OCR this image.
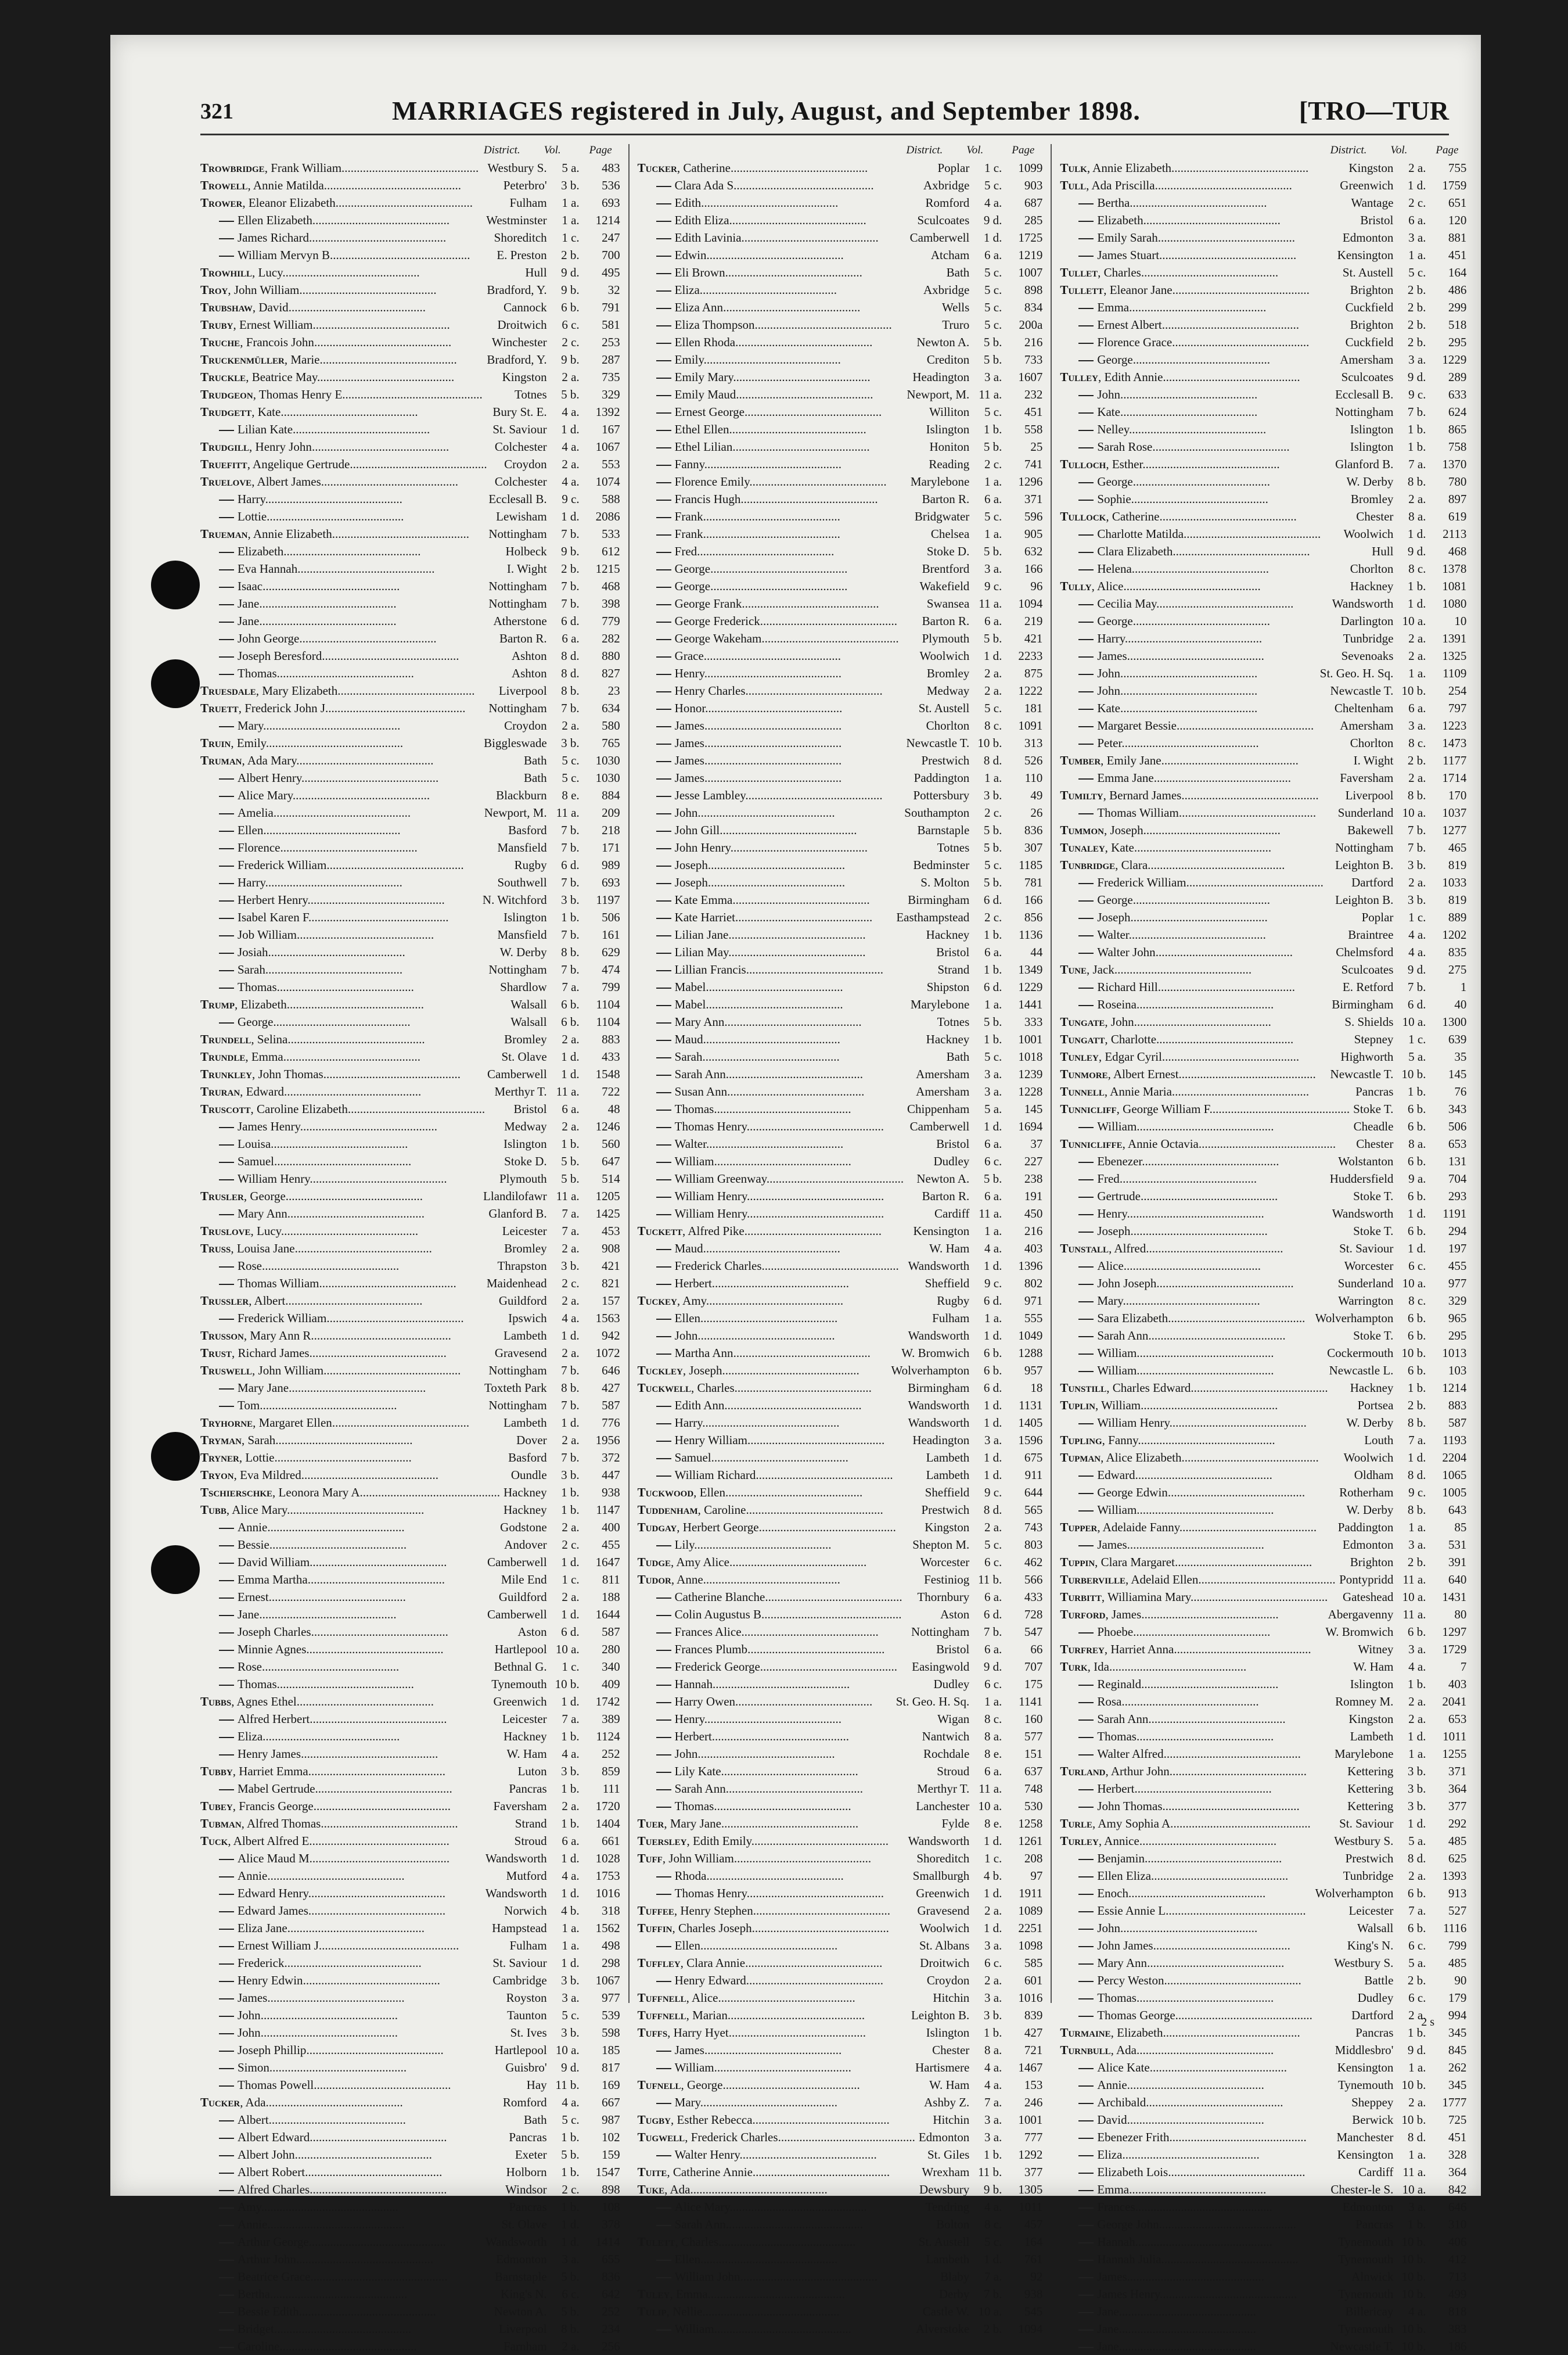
321	MARRIAGES registered in July, August, and September 1898.	[TRO—TUR
District.	Vol.	Page
Trowbridge, Frank William............................................. Westbury S.	5 a.	483
Trowell, Annie Matilda.............................................	Peterbro'	3 b.	536
Trower, Eleanor Elizabeth.............................................	Fulham	1 a.	693
Ellen Elizabeth.............................................	Westminster	1 a.	1214
James Richard.............................................	Shoreditch	1 c.	247
William Mervyn B..............................................	E. Preston	2 b.	700
Trowhill, Lucy.............................................	Hull	9 d.	495
Troy, John William.............................................	Bradford, Y.	9 b.	32
Trubshaw, David.............................................	Cannock	6 b.	791
Truby, Ernest William.............................................	Droitwich	6 c.	581
Truche, Francois John.............................................	Winchester	2 c.	253
Truckenmüller, Marie.............................................	Bradford, Y.	9 b.	287
Truckle, Beatrice May.............................................	Kingston	2 a.	735
Trudgeon, Thomas Henry E..............................................	Totnes	5 b.	329
Trudgett, Kate.............................................	Bury St. E.	4 a.	1392
Lilian Kate.............................................	St. Saviour	1 d.	167
Trudgill, Henry John.............................................	Colchester	4 a.	1067
Truefitt, Angelique Gertrude.............................................	Croydon	2 a.	553
Truelove, Albert James.............................................	Colchester	4 a.	1074
Harry.............................................	Ecclesall B.	9 c.	588
Lottie.............................................	Lewisham	1 d.	2086
Trueman, Annie Elizabeth.............................................	Nottingham	7 b.	533
Elizabeth.............................................	Holbeck	9 b.	612
Eva Hannah.............................................	I. Wight	2 b.	1215
Isaac.............................................	Nottingham	7 b.	468
Jane.............................................	Nottingham	7 b.	398
Jane.............................................	Atherstone	6 d.	779
John George.............................................	Barton R.	6 a.	282
Joseph Beresford.............................................	Ashton	8 d.	880
Thomas.............................................	Ashton	8 d.	827
Truesdale, Mary Elizabeth.............................................	Liverpool	8 b.	23
Truett, Frederick John J..............................................	Nottingham	7 b.	634
Mary.............................................	Croydon	2 a.	580
Truin, Emily.............................................	Biggleswade	3 b.	765
Truman, Ada Mary.............................................	Bath	5 c.	1030
Albert Henry.............................................	Bath	5 c.	1030
Alice Mary.............................................	Blackburn	8 e.	884
Amelia.............................................	Newport, M. 11 a.	209
Ellen.............................................	Basford	7 b.	218
Florence.............................................	Mansfield	7 b.	171
Frederick William.............................................	Rugby	6 d.	989
Harry.............................................	Southwell	7 b.	693
Herbert Henry.............................................	N. Witchford	3 b.	1197
Isabel Karen F..............................................	Islington	1 b.	506
Job William.............................................	Mansfield	7 b.	161
Josiah.............................................	W. Derby	8 b.	629
Sarah.............................................	Nottingham	7 b.	474
Thomas.............................................	Shardlow	7 a.	799
Trump, Elizabeth.............................................	Walsall	6 b.	1104
George.............................................	Walsall	6 b.	1104
Trundell, Selina.............................................	Bromley	2 a.	883
Trundle, Emma.............................................	St. Olave	1 d.	433
Trunkley, John Thomas.............................................	Camberwell	1 d.	1548
Truran, Edward.............................................	Merthyr T. 11 a.	722
Truscott, Caroline Elizabeth.............................................	Bristol	6 a.	48
James Henry.............................................	Medway	2 a.	1246
Louisa.............................................	Islington	1 b.	560
Samuel.............................................	Stoke D.	5 b.	647
William Henry.............................................	Plymouth	5 b.	514
Trusler, George.............................................	Llandilofawr 11 a.	1205
Mary Ann.............................................	Glanford B.	7 a.	1425
Truslove, Lucy.............................................	Leicester	7 a.	453
Truss, Louisa Jane.............................................	Bromley	2 a.	908
Rose.............................................	Thrapston	3 b.	421
Thomas William.............................................	Maidenhead	2 c.	821
Trussler, Albert.............................................	Guildford	2 a.	157
Frederick William.............................................	Ipswich	4 a.	1563
Trusson, Mary Ann R..............................................	Lambeth	1 d.	942
Trust, Richard James.............................................	Gravesend	2 a.	1072
Truswell, John William.............................................	Nottingham	7 b.	646
Mary Jane.............................................	Toxteth Park	8 b.	427
Tom.............................................	Nottingham	7 b.	587
Tryhorne, Margaret Ellen.............................................	Lambeth	1 d.	776
Tryman, Sarah.............................................	Dover	2 a.	1956
Tryner, Lottie.............................................	Basford	7 b.	372
Tryon, Eva Mildred.............................................	Oundle	3 b.	447
Tschierschke, Leonora Mary A.............................................. Hackney	1 b.	938
Tubb, Alice Mary.............................................	Hackney	1 b.	1147
Annie.............................................	Godstone	2 a.	400
Bessie.............................................	Andover	2 c.	455
David William.............................................	Camberwell	1 d.	1647
Emma Martha.............................................	Mile End	1 c.	811
Ernest.............................................	Guildford	2 a.	188
Jane.............................................	Camberwell	1 d.	1644
Joseph Charles.............................................	Aston	6 d.	587
Minnie Agnes.............................................	Hartlepool 10 a.	280
Rose.............................................	Bethnal G.	1 c.	340
Thomas.............................................	Tynemouth 10 b.	409
Tubbs, Agnes Ethel.............................................	Greenwich	1 d.	1742
Alfred Herbert.............................................	Leicester	7 a.	389
Eliza.............................................	Hackney	1 b.	1124
Henry James.............................................	W. Ham	4 a.	252
Tubby, Harriet Emma.............................................	Luton	3 b.	859
Mabel Gertrude.............................................	Pancras	1 b.	111
Tubey, Francis George.............................................	Faversham	2 a.	1720
Tubman, Alfred Thomas.............................................	Strand	1 b.	1404
Tuck, Albert Alfred E..............................................	Stroud	6 a.	661
Alice Maud M..............................................	Wandsworth	1 d.	1028
Annie.............................................	Mutford	4 a.	1753
Edward Henry.............................................	Wandsworth	1 d.	1016
Edward James.............................................	Norwich	4 b.	318
Eliza Jane.............................................	Hampstead	1 a.	1562
Ernest William J..............................................	Fulham	1 a.	498
Frederick.............................................	St. Saviour	1 d.	298
Henry Edwin.............................................	Cambridge	3 b.	1067
James.............................................	Royston	3 a.	977
John.............................................	Taunton	5 c.	539
John.............................................	St. Ives	3 b.	598
Joseph Phillip.............................................	Hartlepool 10 a.	185
Simon.............................................	Guisbro'	9 d.	817
Thomas Powell.............................................	Hay 11 b.	169
Tucker, Ada.............................................	Romford	4 a.	667
Albert.............................................	Bath	5 c.	987
Albert Edward.............................................	Pancras	1 b.	102
Albert John.............................................	Exeter	5 b.	159
Albert Robert.............................................	Holborn	1 b.	1547
Alfred Charles.............................................	Windsor	2 c.	898
Amy.............................................	Pancras	1 b.	108
Annie.............................................	St. Olave	1 d.	378
Arthur George.............................................	Wandsworth	1 d.	1414
Arthur John.............................................	Edmonton	3 a.	655
Beatrice Grace.............................................	Barnstaple	5 b.	836
Bertha.............................................	King's N.	6 c.	642
Bessie Edith.............................................	Newton A.	5 b.	252
Bridget.............................................	Liverpool	8 b.	234
Caroline.............................................	Farnham	2 a.	256
District.	Vol.	Page
Tucker, Catherine.............................................	Poplar	1 c.	1099
Clara Ada S..............................................	Axbridge	5 c.	903
Edith.............................................	Romford	4 a.	687
Edith Eliza.............................................	Sculcoates	9 d.	285
Edith Lavinia.............................................	Camberwell	1 d.	1725
Edwin.............................................	Atcham	6 a.	1219
Eli Brown.............................................	Bath	5 c.	1007
Eliza.............................................	Axbridge	5 c.	898
Eliza Ann.............................................	Wells	5 c.	834
Eliza Thompson.............................................	Truro	5 c.	200a
Ellen Rhoda.............................................	Newton A.	5 b.	216
Emily.............................................	Crediton	5 b.	733
Emily Mary.............................................	Headington	3 a.	1607
Emily Maud.............................................	Newport, M. 11 a.	232
Ernest George.............................................	Williton	5 c.	451
Ethel Ellen.............................................	Islington	1 b.	558
Ethel Lilian.............................................	Honiton	5 b.	25
Fanny.............................................	Reading	2 c.	741
Florence Emily.............................................	Marylebone	1 a.	1296
Francis Hugh.............................................	Barton R.	6 a.	371
Frank.............................................	Bridgwater	5 c.	596
Frank.............................................	Chelsea	1 a.	905
Fred.............................................	Stoke D.	5 b.	632
George.............................................	Brentford	3 a.	166
George.............................................	Wakefield	9 c.	96
George Frank.............................................	Swansea 11 a.	1094
George Frederick.............................................	Barton R.	6 a.	219
George Wakeham.............................................	Plymouth	5 b.	421
Grace.............................................	Woolwich	1 d.	2233
Henry.............................................	Bromley	2 a.	875
Henry Charles.............................................	Medway	2 a.	1222
Honor.............................................	St. Austell	5 c.	181
James.............................................	Chorlton	8 c.	1091
James.............................................	Newcastle T. 10 b.	313
James.............................................	Prestwich	8 d.	526
James.............................................	Paddington	1 a.	110
Jesse Lambley.............................................	Pottersbury	3 b.	49
John.............................................	Southampton	2 c.	26
John Gill.............................................	Barnstaple	5 b.	836
John Henry.............................................	Totnes	5 b.	307
Joseph.............................................	Bedminster	5 c.	1185
Joseph.............................................	S. Molton	5 b.	781
Kate Emma.............................................	Birmingham	6 d.	166
Kate Harriet.............................................	Easthampstead	2 c.	856
Lilian Jane.............................................	Hackney	1 b.	1136
Lilian May.............................................	Bristol	6 a.	44
Lillian Francis.............................................	Strand	1 b.	1349
Mabel.............................................	Shipston	6 d.	1229
Mabel.............................................	Marylebone	1 a.	1441
Mary Ann.............................................	Totnes	5 b.	333
Maud.............................................	Hackney	1 b.	1001
Sarah.............................................	Bath	5 c.	1018
Sarah Ann.............................................	Amersham	3 a.	1239
Susan Ann.............................................	Amersham	3 a.	1228
Thomas.............................................	Chippenham	5 a.	145
Thomas Henry.............................................	Camberwell	1 d.	1694
Walter.............................................	Bristol	6 a.	37
William.............................................	Dudley	6 c.	227
William Greenway.............................................	Newton A.	5 b.	238
William Henry.............................................	Barton R.	6 a.	191
William Henry.............................................	Cardiff 11 a.	450
Tuckett, Alfred Pike.............................................	Kensington	1 a.	216
Maud.............................................	W. Ham	4 a.	403
Frederick Charles............................................. Wandsworth	1 d.	1396
Herbert.............................................	Sheffield	9 c.	802
Tuckey, Amy.............................................	Rugby	6 d.	971
Ellen.............................................	Fulham	1 a.	555
John.............................................	Wandsworth	1 d.	1049
Martha Ann.............................................	W. Bromwich	6 b.	1288
Tuckley, Joseph.............................................	Wolverhampton	6 b.	957
Tuckwell, Charles.............................................	Birmingham	6 d.	18
Edith Ann.............................................	Wandsworth	1 d.	1131
Harry.............................................	Wandsworth	1 d.	1405
Henry William.............................................	Headington	3 a.	1596
Samuel.............................................	Lambeth	1 d.	675
William Richard.............................................	Lambeth	1 d.	911
Tuckwood, Ellen.............................................	Sheffield	9 c.	644
Tuddenham, Caroline.............................................	Prestwich	8 d.	565
Tudgay, Herbert George.............................................	Kingston	2 a.	743
Lily.............................................	Shepton M.	5 c.	803
Tudge, Amy Alice.............................................	Worcester	6 c.	462
Tudor, Anne.............................................	Festiniog 11 b.	566
Catherine Blanche.............................................	Thornbury	6 a.	433
Colin Augustus B..............................................	Aston	6 d.	728
Frances Alice.............................................	Nottingham	7 b.	547
Frances Plumb.............................................	Bristol	6 a.	66
Frederick George.............................................	Easingwold	9 d.	707
Hannah.............................................	Dudley	6 c.	175
Harry Owen.............................................	St. Geo. H. Sq.	1 a.	1141
Henry.............................................	Wigan	8 c.	160
Herbert.............................................	Nantwich	8 a.	577
John.............................................	Rochdale	8 e.	151
Lily Kate.............................................	Stroud	6 a.	637
Sarah Ann.............................................	Merthyr T. 11 a.	748
Thomas.............................................	Lanchester 10 a.	530
Tuer, Mary Jane.............................................	Fylde	8 e.	1258
Tuersley, Edith Emily.............................................	Wandsworth	1 d.	1261
Tuff, John William.............................................	Shoreditch	1 c.	208
Rhoda.............................................	Smallburgh	4 b.	97
Thomas Henry.............................................	Greenwich	1 d.	1911
Tuffee, Henry Stephen.............................................	Gravesend	2 a.	1089
Tuffin, Charles Joseph.............................................	Woolwich	1 d.	2251
Ellen.............................................	St. Albans	3 a.	1098
Tuffley, Clara Annie.............................................	Droitwich	6 c.	585
Henry Edward.............................................	Croydon	2 a.	601
Tuffnell, Alice.............................................	Hitchin	3 a.	1016
Tuffnell, Marian.............................................	Leighton B.	3 b.	839
Tuffs, Harry Hyet.............................................	Islington	1 b.	427
James.............................................	Chester	8 a.	721
William.............................................	Hartismere	4 a.	1467
Tufnell, George.............................................	W. Ham	4 a.	153
Mary.............................................	Ashby Z.	7 a.	246
Tugby, Esther Rebecca.............................................	Hitchin	3 a.	1001
Tugwell, Frederick Charles............................................. Edmonton	3 a.	777
Walter Henry.............................................	St. Giles	1 b.	1292
Tuite, Catherine Annie.............................................	Wrexham 11 b.	377
Tuke, Ada.............................................	Dewsbury	9 b.	1305
Alice Mary.............................................	Tendring	4 a.	1011
Sarah Ann.............................................	Bolton	8 c.	457
Tulett, Charles.............................................	St. Austell	5 c.	164
Ellen.............................................	Lambeth	1 d.	761
William John.............................................	Blaby	7 a.	92
Tuley, Emma.............................................	Derby	7 b.	938
Tulip, Nellie.............................................	Castle W. 10 a.	545
William.............................................	Alverstoke	2 b.	1094
District.	Vol.	Page
Tulk, Annie Elizabeth.............................................	Kingston	2 a.	755
Tull, Ada Priscilla.............................................	Greenwich	1 d.	1759
Bertha.............................................	Wantage	2 c.	651
Elizabeth.............................................	Bristol	6 a.	120
Emily Sarah.............................................	Edmonton	3 a.	881
James Stuart.............................................	Kensington	1 a.	451
Tullet, Charles.............................................	St. Austell	5 c.	164
Tullett, Eleanor Jane.............................................	Brighton	2 b.	486
Emma.............................................	Cuckfield	2 b.	299
Ernest Albert.............................................	Brighton	2 b.	518
Florence Grace.............................................	Cuckfield	2 b.	295
George.............................................	Amersham	3 a.	1229
Tulley, Edith Annie.............................................	Sculcoates	9 d.	289
John.............................................	Ecclesall B.	9 c.	633
Kate.............................................	Nottingham	7 b.	624
Nelley.............................................	Islington	1 b.	865
Sarah Rose.............................................	Islington	1 b.	758
Tulloch, Esther.............................................	Glanford B.	7 a.	1370
George.............................................	W. Derby	8 b.	780
Sophie.............................................	Bromley	2 a.	897
Tullock, Catherine.............................................	Chester	8 a.	619
Charlotte Matilda.............................................	Woolwich	1 d.	2113
Clara Elizabeth.............................................	Hull	9 d.	468
Helena.............................................	Chorlton	8 c.	1378
Tully, Alice.............................................	Hackney	1 b.	1081
Cecilia May.............................................	Wandsworth	1 d.	1080
George.............................................	Darlington 10 a.	10
Harry.............................................	Tunbridge	2 a.	1391
James.............................................	Sevenoaks	2 a.	1325
John.............................................	St. Geo. H. Sq.	1 a.	1109
John.............................................	Newcastle T. 10 b.	254
Kate.............................................	Cheltenham	6 a.	797
Margaret Bessie.............................................	Amersham	3 a.	1223
Peter.............................................	Chorlton	8 c.	1473
Tumber, Emily Jane.............................................	I. Wight	2 b.	1177
Emma Jane.............................................	Faversham	2 a.	1714
Tumilty, Bernard James.............................................	Liverpool	8 b.	170
Thomas William.............................................	Sunderland 10 a.	1037
Tummon, Joseph.............................................	Bakewell	7 b.	1277
Tunaley, Kate.............................................	Nottingham	7 b.	465
Tunbridge, Clara.............................................	Leighton B.	3 b.	819
Frederick William.............................................	Dartford	2 a.	1033
George.............................................	Leighton B.	3 b.	819
Joseph.............................................	Poplar	1 c.	889
Walter.............................................	Braintree	4 a.	1202
Walter John.............................................	Chelmsford	4 a.	835
Tune, Jack.............................................	Sculcoates	9 d.	275
Richard Hill.............................................	E. Retford	7 b.	1
Roseina.............................................	Birmingham	6 d.	40
Tungate, John.............................................	S. Shields 10 a.	1300
Tungatt, Charlotte.............................................	Stepney	1 c.	639
Tunley, Edgar Cyril.............................................	Highworth	5 a.	35
Tunmore, Albert Ernest.............................................	Newcastle T. 10 b.	145
Tunnell, Annie Maria.............................................	Pancras	1 b.	76
Tunnicliff, George William F.............................................. Stoke T.	6 b.	343
William.............................................	Cheadle	6 b.	506
Tunnicliffe, Annie Octavia.............................................	Chester	8 a.	653
Ebenezer.............................................	Wolstanton	6 b.	131
Fred.............................................	Huddersfield	9 a.	704
Gertrude.............................................	Stoke T.	6 b.	293
Henry.............................................	Wandsworth	1 d.	1191
Joseph.............................................	Stoke T.	6 b.	294
Tunstall, Alfred.............................................	St. Saviour	1 d.	197
Alice.............................................	Worcester	6 c.	455
John Joseph.............................................	Sunderland 10 a.	977
Mary.............................................	Warrington	8 c.	329
Sara Elizabeth............................................. Wolverhampton	6 b.	965
Sarah Ann.............................................	Stoke T.	6 b.	295
William.............................................	Cockermouth 10 b.	1013
William.............................................	Newcastle L.	6 b.	103
Tunstill, Charles Edward.............................................	Hackney	1 b.	1214
Tuplin, William.............................................	Portsea	2 b.	883
William Henry.............................................	W. Derby	8 b.	587
Tupling, Fanny.............................................	Louth	7 a.	1193
Tupman, Alice Elizabeth.............................................	Woolwich	1 d.	2204
Edward.............................................	Oldham	8 d.	1065
George Edwin.............................................	Rotherham	9 c.	1005
William.............................................	W. Derby	8 b.	643
Tupper, Adelaide Fanny.............................................	Paddington	1 a.	85
James.............................................	Edmonton	3 a.	531
Tuppin, Clara Margaret.............................................	Brighton	2 b.	391
Turberville, Adelaid Ellen............................................. Pontypridd 11 a.	640
Turbitt, Williamina Mary.............................................	Gateshead 10 a.	1431
Turford, James.............................................	Abergavenny 11 a.	80
Phoebe.............................................	W. Bromwich	6 b.	1297
Turfrey, Harriet Anna.............................................	Witney	3 a.	1729
Turk, Ida.............................................	W. Ham	4 a.	7
Reginald.............................................	Islington	1 b.	403
Rosa.............................................	Romney M.	2 a.	2041
Sarah Ann.............................................	Kingston	2 a.	653
Thomas.............................................	Lambeth	1 d.	1011
Walter Alfred.............................................	Marylebone	1 a.	1255
Turland, Arthur John.............................................	Kettering	3 b.	371
Herbert.............................................	Kettering	3 b.	364
John Thomas.............................................	Kettering	3 b.	377
Turle, Amy Sophia A..............................................	St. Saviour	1 d.	292
Turley, Annice.............................................	Westbury S.	5 a.	485
Benjamin.............................................	Prestwich	8 d.	625
Ellen Eliza.............................................	Tunbridge	2 a.	1393
Enoch.............................................	Wolverhampton	6 b.	913
Essie Annie L..............................................	Leicester	7 a.	527
John.............................................	Walsall	6 b.	1116
John James.............................................	King's N.	6 c.	799
Mary Ann.............................................	Westbury S.	5 a.	485
Percy Weston.............................................	Battle	2 b.	90
Thomas.............................................	Dudley	6 c.	179
Thomas George.............................................	Dartford	2 a.	994
Turmaine, Elizabeth.............................................	Pancras	1 b.	345
Turnbull, Ada.............................................	Middlesbro'	9 d.	845
Alice Kate.............................................	Kensington	1 a.	262
Annie.............................................	Tynemouth 10 b.	345
Archibald.............................................	Sheppey	2 a.	1777
David.............................................	Berwick 10 b.	725
Ebenezer Frith.............................................	Manchester	8 d.	451
Eliza.............................................	Kensington	1 a.	328
Elizabeth Lois.............................................	Cardiff 11 a.	364
Emma.............................................	Chester-le S. 10 a.	842
Frances.............................................	Edmonton	3 a.	646
George John.............................................	Pancras	1 b.	310
Hannah.............................................	Tynemouth 10 b.	406
Hannah Julia.............................................	Tynemouth 10 b.	412
James.............................................	Alnwick 10 b.	713
James Henry.............................................	Tynemouth 10 b.	499
Jane.............................................	Billericay	4 a.	818
Jane.............................................	Tynemouth 10 b.	383
Jane.............................................	Newcastle T. 10 b.	186
2 s
